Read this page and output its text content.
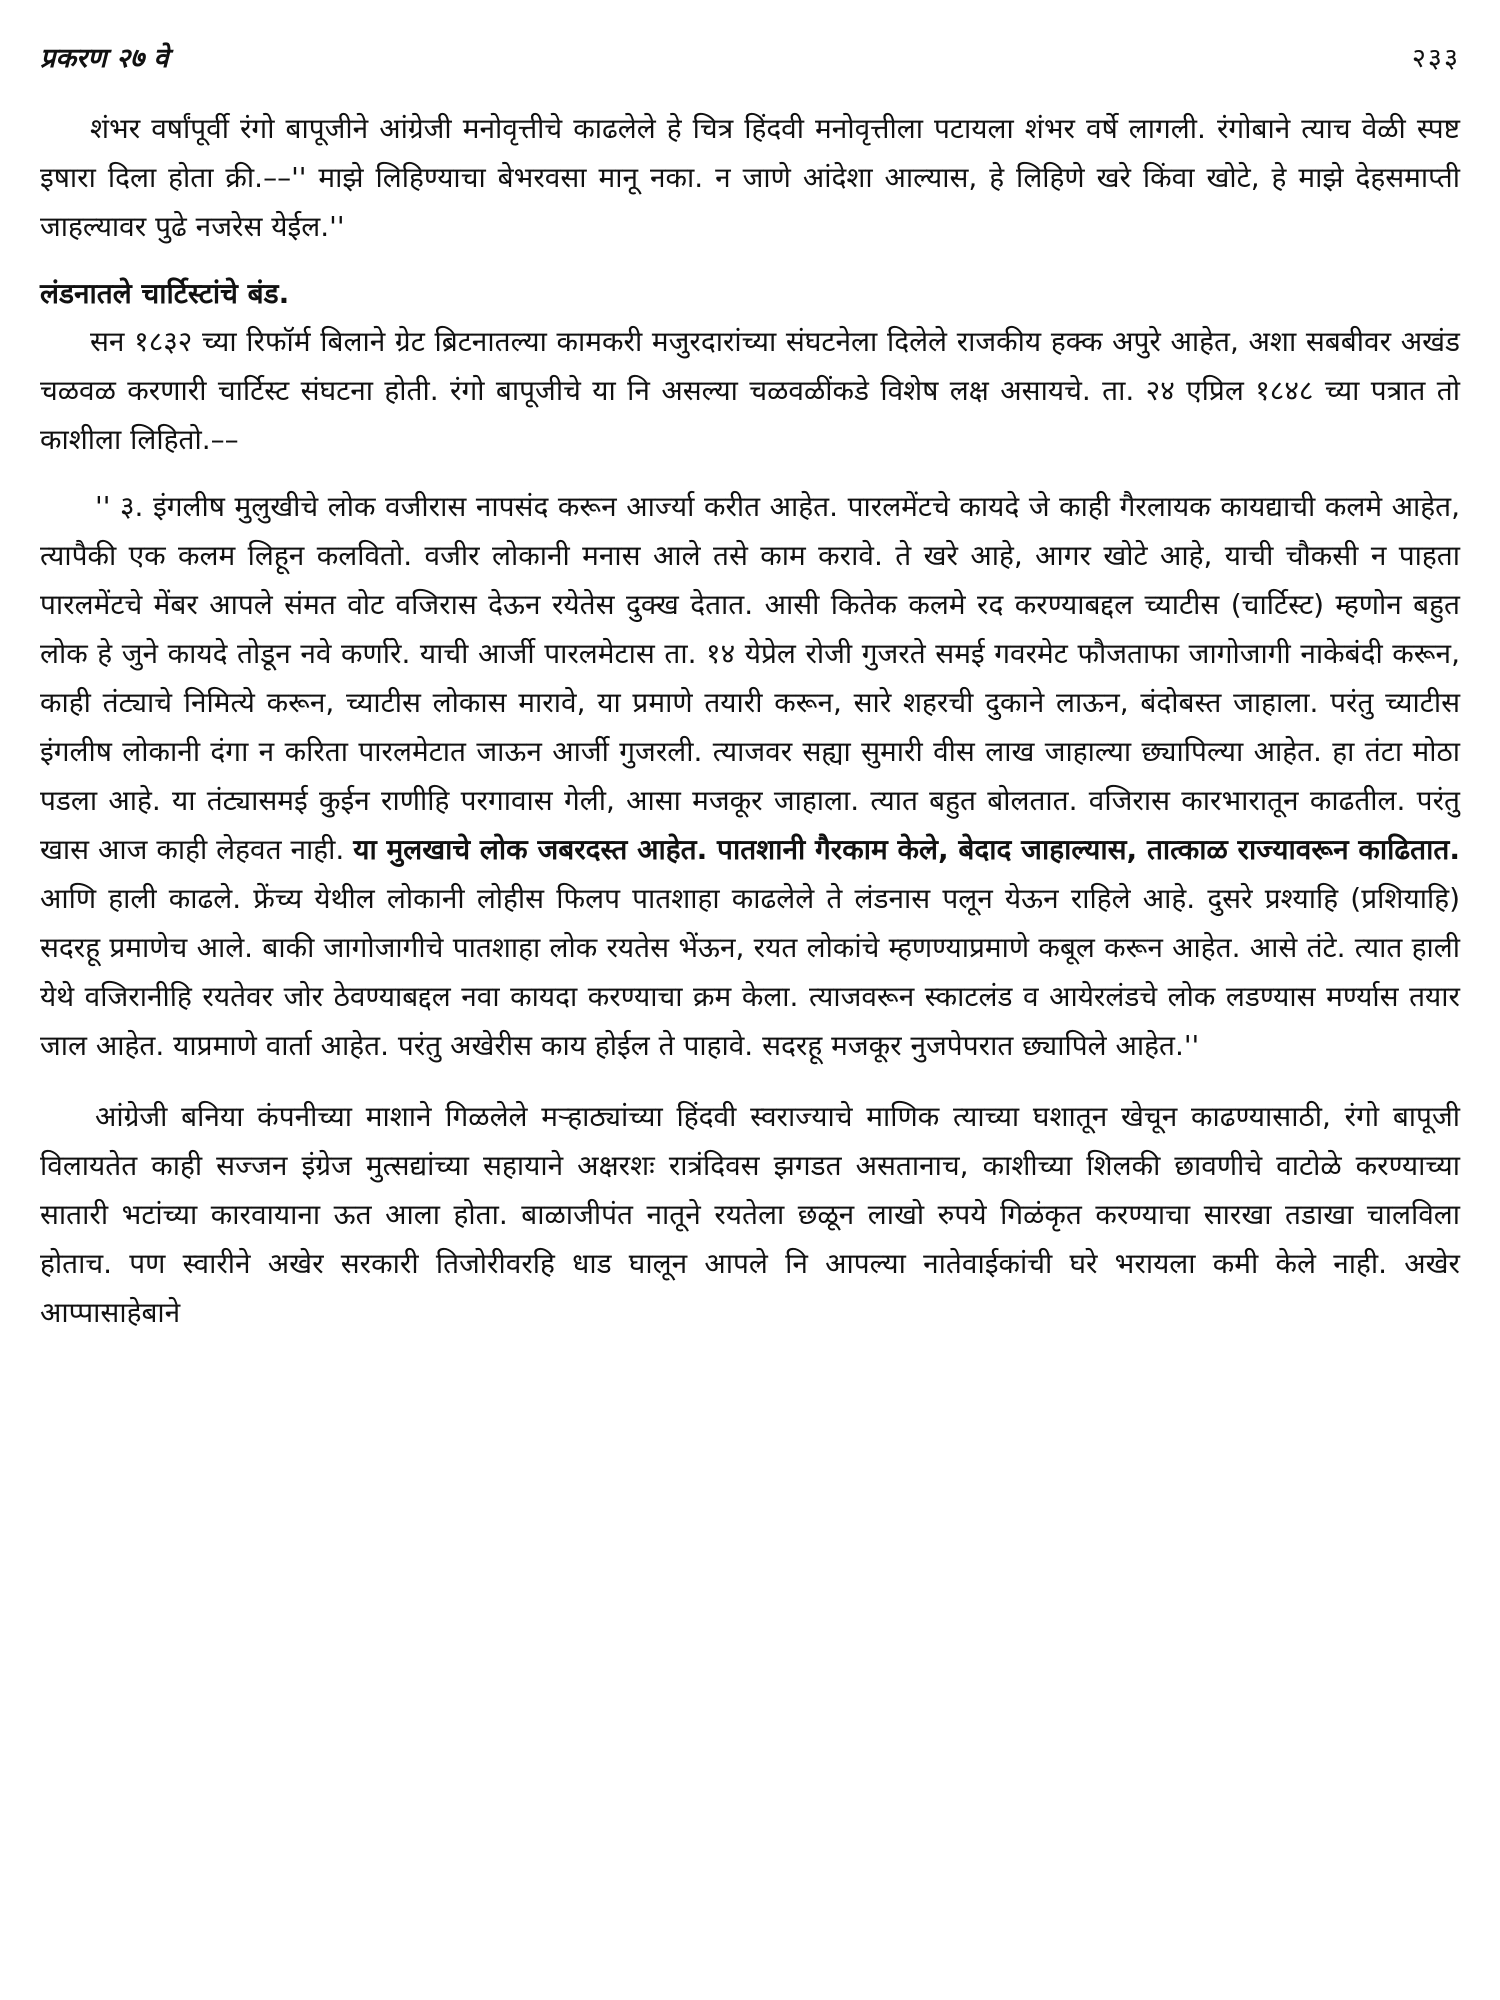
प्रकरण २७ वे	२३३

शंभर वर्षांपूर्वी रंगो बापूजीने आंग्रेजी मनोवृत्तीचे काढलेले हे चित्र हिंदवी मनोवृत्तीला पटायला शंभर वर्षे लागली. रंगोबाने त्याच वेळी स्पष्ट इषारा दिला होता क्री.––'' माझे लिहिण्याचा बेभरवसा मानू नका. न जाणे आंदेशा आल्यास, हे लिहिणे खरे किंवा खोटे, हे माझे देहसमाप्ती जाहल्यावर पुढे नजरेस येईल.''

लंडनातले चार्टिस्टांचे बंड.

सन १८३२ च्या रिफॉर्म बिलाने ग्रेट ब्रिटनातल्या कामकरी मजुरदारांच्या संघटनेला दिलेले राजकीय हक्क अपुरे आहेत, अशा सबबीवर अखंड चळवळ करणारी चार्टिस्ट संघटना होती. रंगो बापूजीचे या नि असल्या चळवळींकडे विशेष लक्ष असायचे. ता. २४ एप्रिल १८४८ च्या पत्रात तो काशीला लिहितो.––

'' ३. इंगलीष मुलुखीचे लोक वजीरास नापसंद करून आर्ज्या करीत आहेत. पारलमेंटचे कायदे जे काही गैरलायक कायद्याची कलमे आहेत, त्यापैकी एक कलम लिहून कलवितो. वजीर लोकानी मनास आले तसे काम करावे. ते खरे आहे, आगर खोटे आहे, याची चौकसी न पाहता पारलमेंटचे मेंबर आपले संमत वोट वजिरास देऊन रयेतेस दुक्ख देतात. आसी कितेक कलमे रद करण्याबद्दल च्याटीस (चार्टिस्ट) म्हणोन बहुत लोक हे जुने कायदे तोडून नवे कर्णारे. याची आर्जी पारलमेटास ता. १४ येप्रेल रोजी गुजरते समई गवरमेट फौजताफा जागोजागी नाकेबंदी करून, काही तंट्याचे निमित्ये करून, च्याटीस लोकास मारावे, या प्रमाणे तयारी करून, सारे शहरची दुकाने लाऊन, बंदोबस्त जाहाला. परंतु च्याटीस इंगलीष लोकानी दंगा न करिता पारलमेटात जाऊन आर्जी गुजरली. त्याजवर सह्या सुमारी वीस लाख जाहाल्या छ्यापिल्या आहेत. हा तंटा मोठा पडला आहे. या तंट्यासमई कुईन राणीहि परगावास गेली, आसा मजकूर जाहाला. त्यात बहुत बोलतात. वजिरास कारभारातून काढतील. परंतु खास आज काही लेहवत नाही. या मुलखाचे लोक जबरदस्त आहेत. पातशानी गैरकाम केले, बेदाद जाहाल्यास, तात्काळ राज्यावरून काढितात. आणि हाली काढले. फ्रेंच्य येथील लोकानी लोहीस फिलप पातशाहा काढलेले ते लंडनास पलून येऊन राहिले आहे. दुसरे प्रश्याहि (प्रशियाहि) सदरहू प्रमाणेच आले. बाकी जागोजागीचे पातशाहा लोक रयतेस भेंऊन, रयत लोकांचे म्हणण्याप्रमाणे कबूल करून आहेत. आसे तंटे. त्यात हाली येथे वजिरानीहि रयतेवर जोर ठेवण्याबद्दल नवा कायदा करण्याचा क्रम केला. त्याजवरून स्काटलंड व आयेरलंडचे लोक लडण्यास मर्ण्यास तयार जाल आहेत. याप्रमाणे वार्ता आहेत. परंतु अखेरीस काय होईल ते पाहावे. सदरहू मजकूर नुजपेपरात छ्यापिले आहेत.''

आंग्रेजी बनिया कंपनीच्या माशाने गिळलेले मऱ्हाठ्यांच्या हिंदवी स्वराज्याचे माणिक त्याच्या घशातून खेचून काढण्यासाठी, रंगो बापूजी विलायतेत काही सज्जन इंग्रेज मुत्सद्यांच्या सहायाने अक्षरशः रात्रंदिवस झगडत असतानाच, काशीच्या शिलकी छावणीचे वाटोळे करण्याच्या सातारी भटांच्या कारवायाना ऊत आला होता. बाळाजीपंत नातूने रयतेला छळून लाखो रुपये गिळंकृत करण्याचा सारखा तडाखा चालविला होताच. पण स्वारीने अखेर सरकारी तिजोरीवरहि धाड घालून आपले नि आपल्या नातेवाईकांची घरे भरायला कमी केले नाही. अखेर आप्पासाहेबाने
